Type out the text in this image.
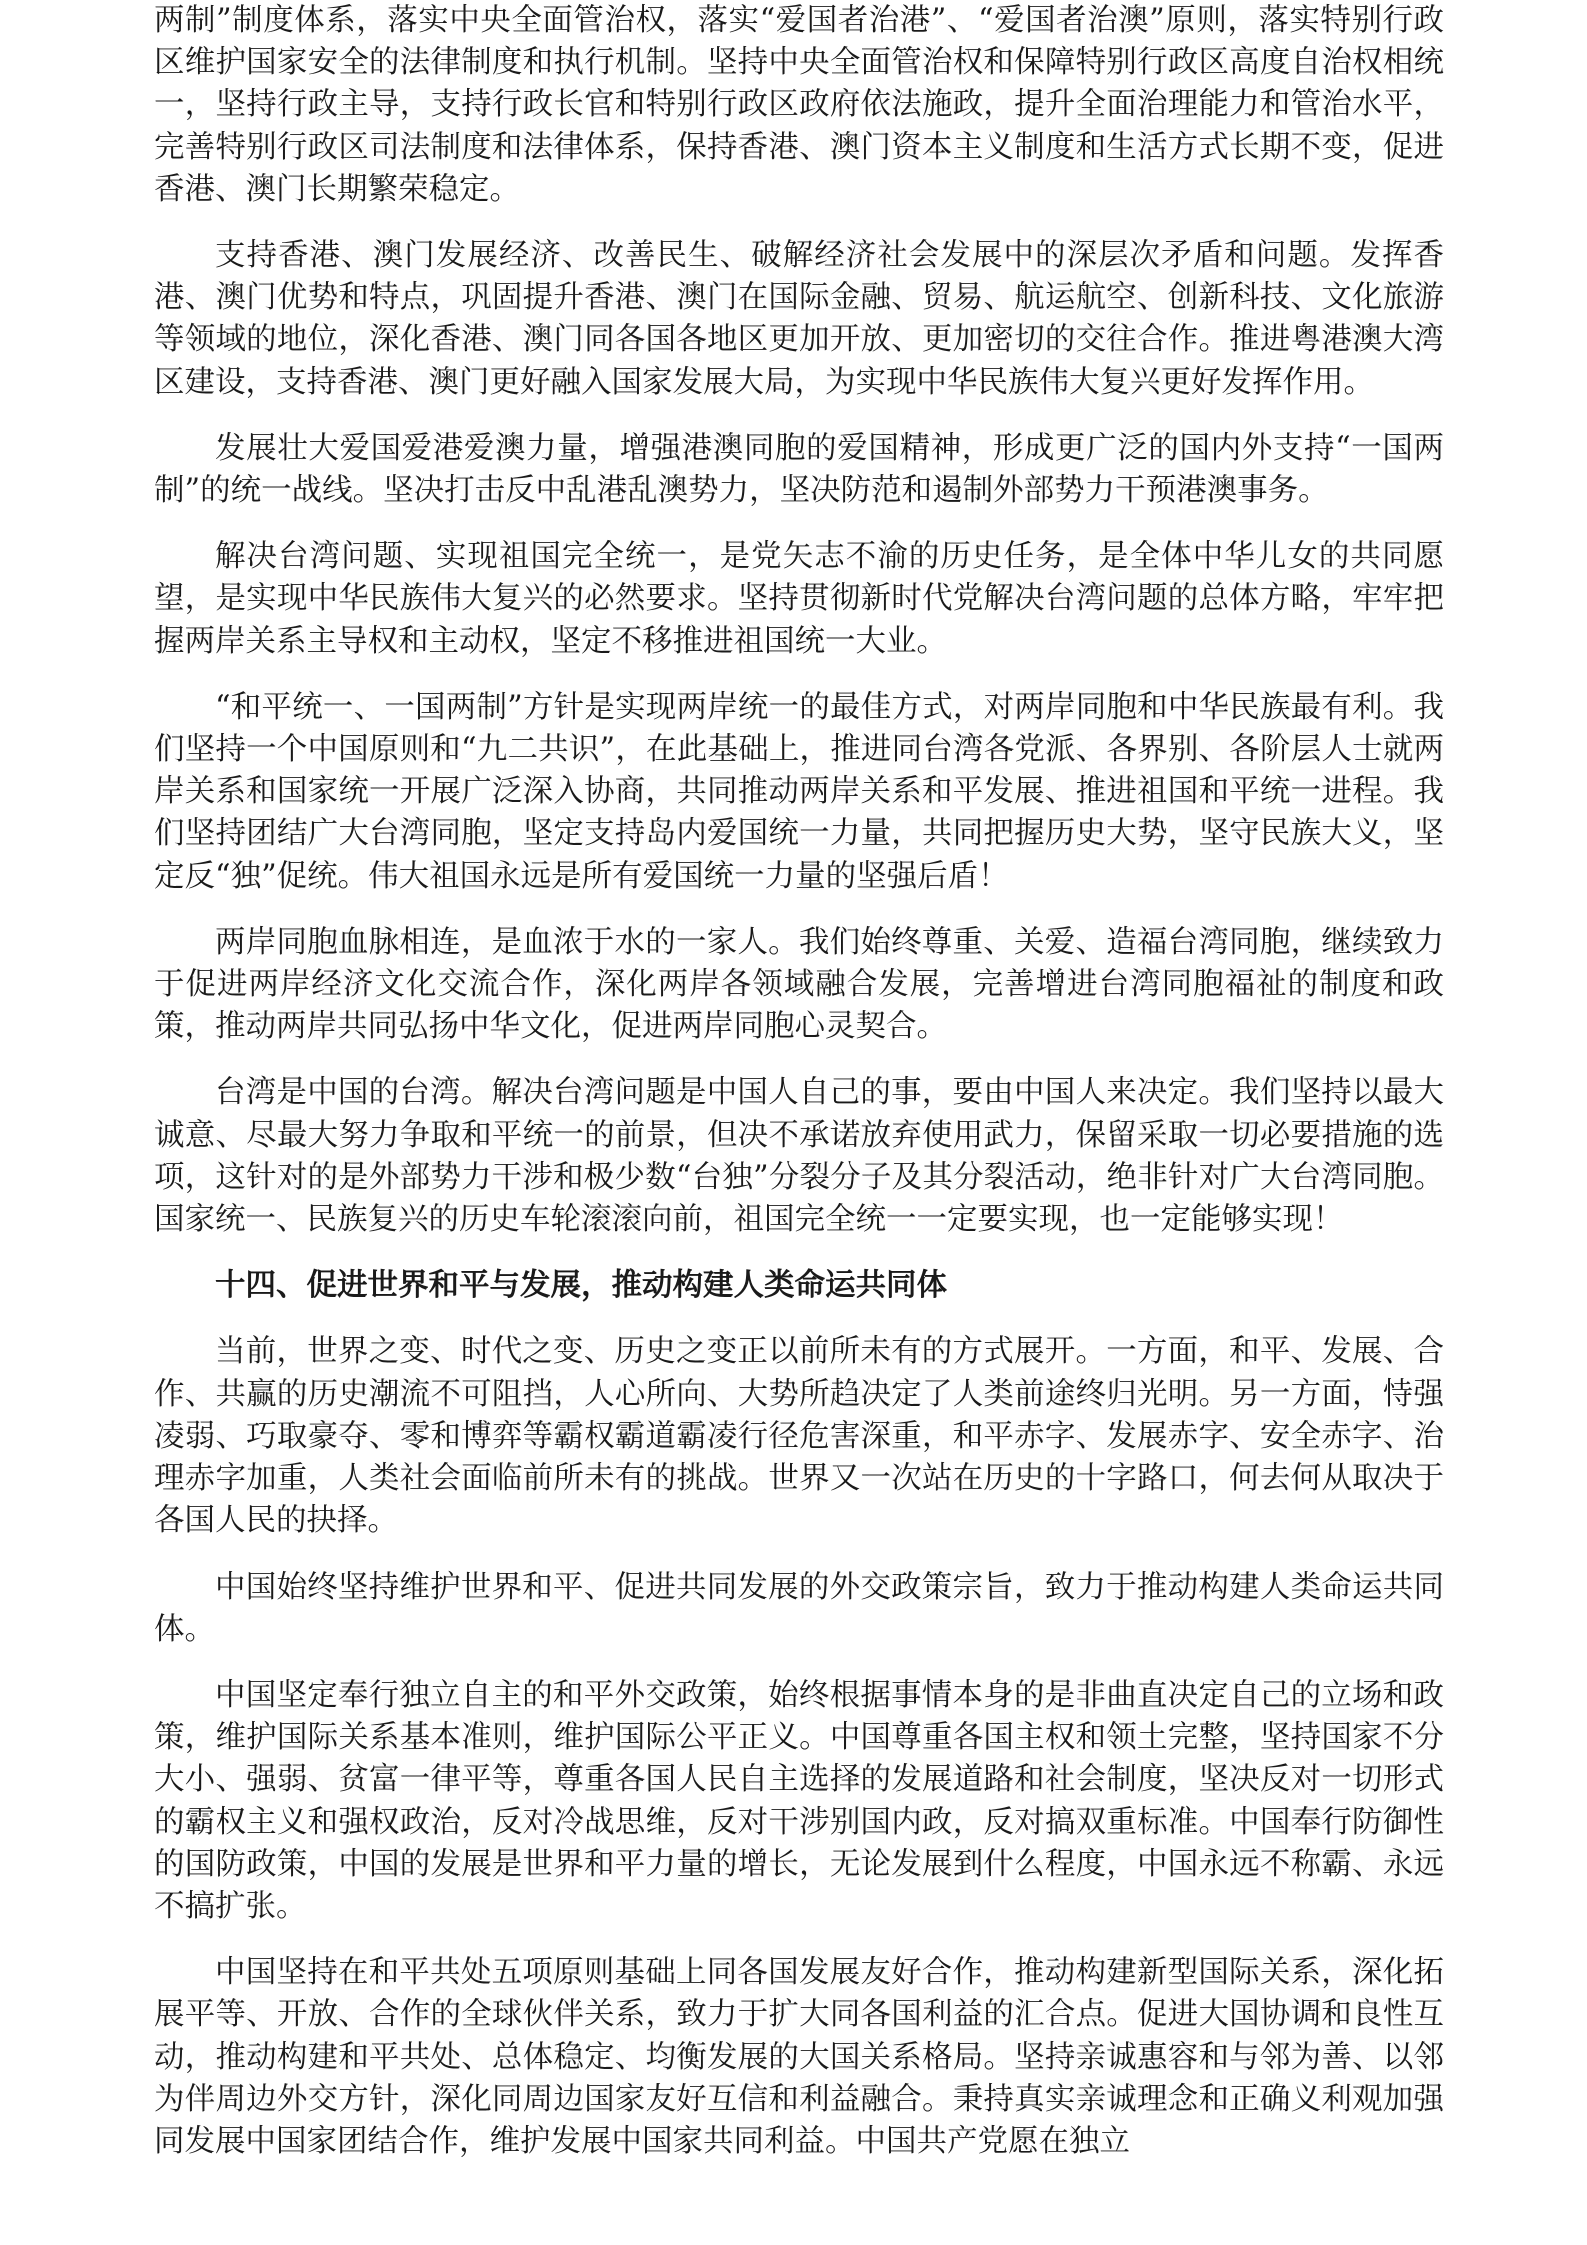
两制”制度体系，落实中央全面管治权，落实“爱国者治港”、“爱国者治澳”原则，落实特别行政区维护国家安全的法律制度和执行机制。坚持中央全面管治权和保障特别行政区高度自治权相统一，坚持行政主导，支持行政长官和特别行政区政府依法施政，提升全面治理能力和管治水平，完善特别行政区司法制度和法律体系，保持香港、澳门资本主义制度和生活方式长期不变，促进香港、澳门长期繁荣稳定。

支持香港、澳门发展经济、改善民生、破解经济社会发展中的深层次矛盾和问题。发挥香港、澳门优势和特点，巩固提升香港、澳门在国际金融、贸易、航运航空、创新科技、文化旅游等领域的地位，深化香港、澳门同各国各地区更加开放、更加密切的交往合作。推进粤港澳大湾区建设，支持香港、澳门更好融入国家发展大局，为实现中华民族伟大复兴更好发挥作用。

发展壮大爱国爱港爱澳力量，增强港澳同胞的爱国精神，形成更广泛的国内外支持“一国两制”的统一战线。坚决打击反中乱港乱澳势力，坚决防范和遏制外部势力干预港澳事务。

解决台湾问题、实现祖国完全统一，是党矢志不渝的历史任务，是全体中华儿女的共同愿望，是实现中华民族伟大复兴的必然要求。坚持贯彻新时代党解决台湾问题的总体方略，牢牢把握两岸关系主导权和主动权，坚定不移推进祖国统一大业。

“和平统一、一国两制”方针是实现两岸统一的最佳方式，对两岸同胞和中华民族最有利。我们坚持一个中国原则和“九二共识”，在此基础上，推进同台湾各党派、各界别、各阶层人士就两岸关系和国家统一开展广泛深入协商，共同推动两岸关系和平发展、推进祖国和平统一进程。我们坚持团结广大台湾同胞，坚定支持岛内爱国统一力量，共同把握历史大势，坚守民族大义，坚定反“独”促统。伟大祖国永远是所有爱国统一力量的坚强后盾！

两岸同胞血脉相连，是血浓于水的一家人。我们始终尊重、关爱、造福台湾同胞，继续致力于促进两岸经济文化交流合作，深化两岸各领域融合发展，完善增进台湾同胞福祉的制度和政策，推动两岸共同弘扬中华文化，促进两岸同胞心灵契合。

台湾是中国的台湾。解决台湾问题是中国人自己的事，要由中国人来决定。我们坚持以最大诚意、尽最大努力争取和平统一的前景，但决不承诺放弃使用武力，保留采取一切必要措施的选项，这针对的是外部势力干涉和极少数“台独”分裂分子及其分裂活动，绝非针对广大台湾同胞。国家统一、民族复兴的历史车轮滚滚向前，祖国完全统一一定要实现，也一定能够实现！

十四、促进世界和平与发展，推动构建人类命运共同体

当前，世界之变、时代之变、历史之变正以前所未有的方式展开。一方面，和平、发展、合作、共赢的历史潮流不可阻挡，人心所向、大势所趋决定了人类前途终归光明。另一方面，恃强凌弱、巧取豪夺、零和博弈等霸权霸道霸凌行径危害深重，和平赤字、发展赤字、安全赤字、治理赤字加重，人类社会面临前所未有的挑战。世界又一次站在历史的十字路口，何去何从取决于各国人民的抉择。

中国始终坚持维护世界和平、促进共同发展的外交政策宗旨，致力于推动构建人类命运共同体。

中国坚定奉行独立自主的和平外交政策，始终根据事情本身的是非曲直决定自己的立场和政策，维护国际关系基本准则，维护国际公平正义。中国尊重各国主权和领土完整，坚持国家不分大小、强弱、贫富一律平等，尊重各国人民自主选择的发展道路和社会制度，坚决反对一切形式的霸权主义和强权政治，反对冷战思维，反对干涉别国内政，反对搞双重标准。中国奉行防御性的国防政策，中国的发展是世界和平力量的增长，无论发展到什么程度，中国永远不称霸、永远不搞扩张。

中国坚持在和平共处五项原则基础上同各国发展友好合作，推动构建新型国际关系，深化拓展平等、开放、合作的全球伙伴关系，致力于扩大同各国利益的汇合点。促进大国协调和良性互动，推动构建和平共处、总体稳定、均衡发展的大国关系格局。坚持亲诚惠容和与邻为善、以邻为伴周边外交方针，深化同周边国家友好互信和利益融合。秉持真实亲诚理念和正确义利观加强同发展中国家团结合作，维护发展中国家共同利益。中国共产党愿在独立
